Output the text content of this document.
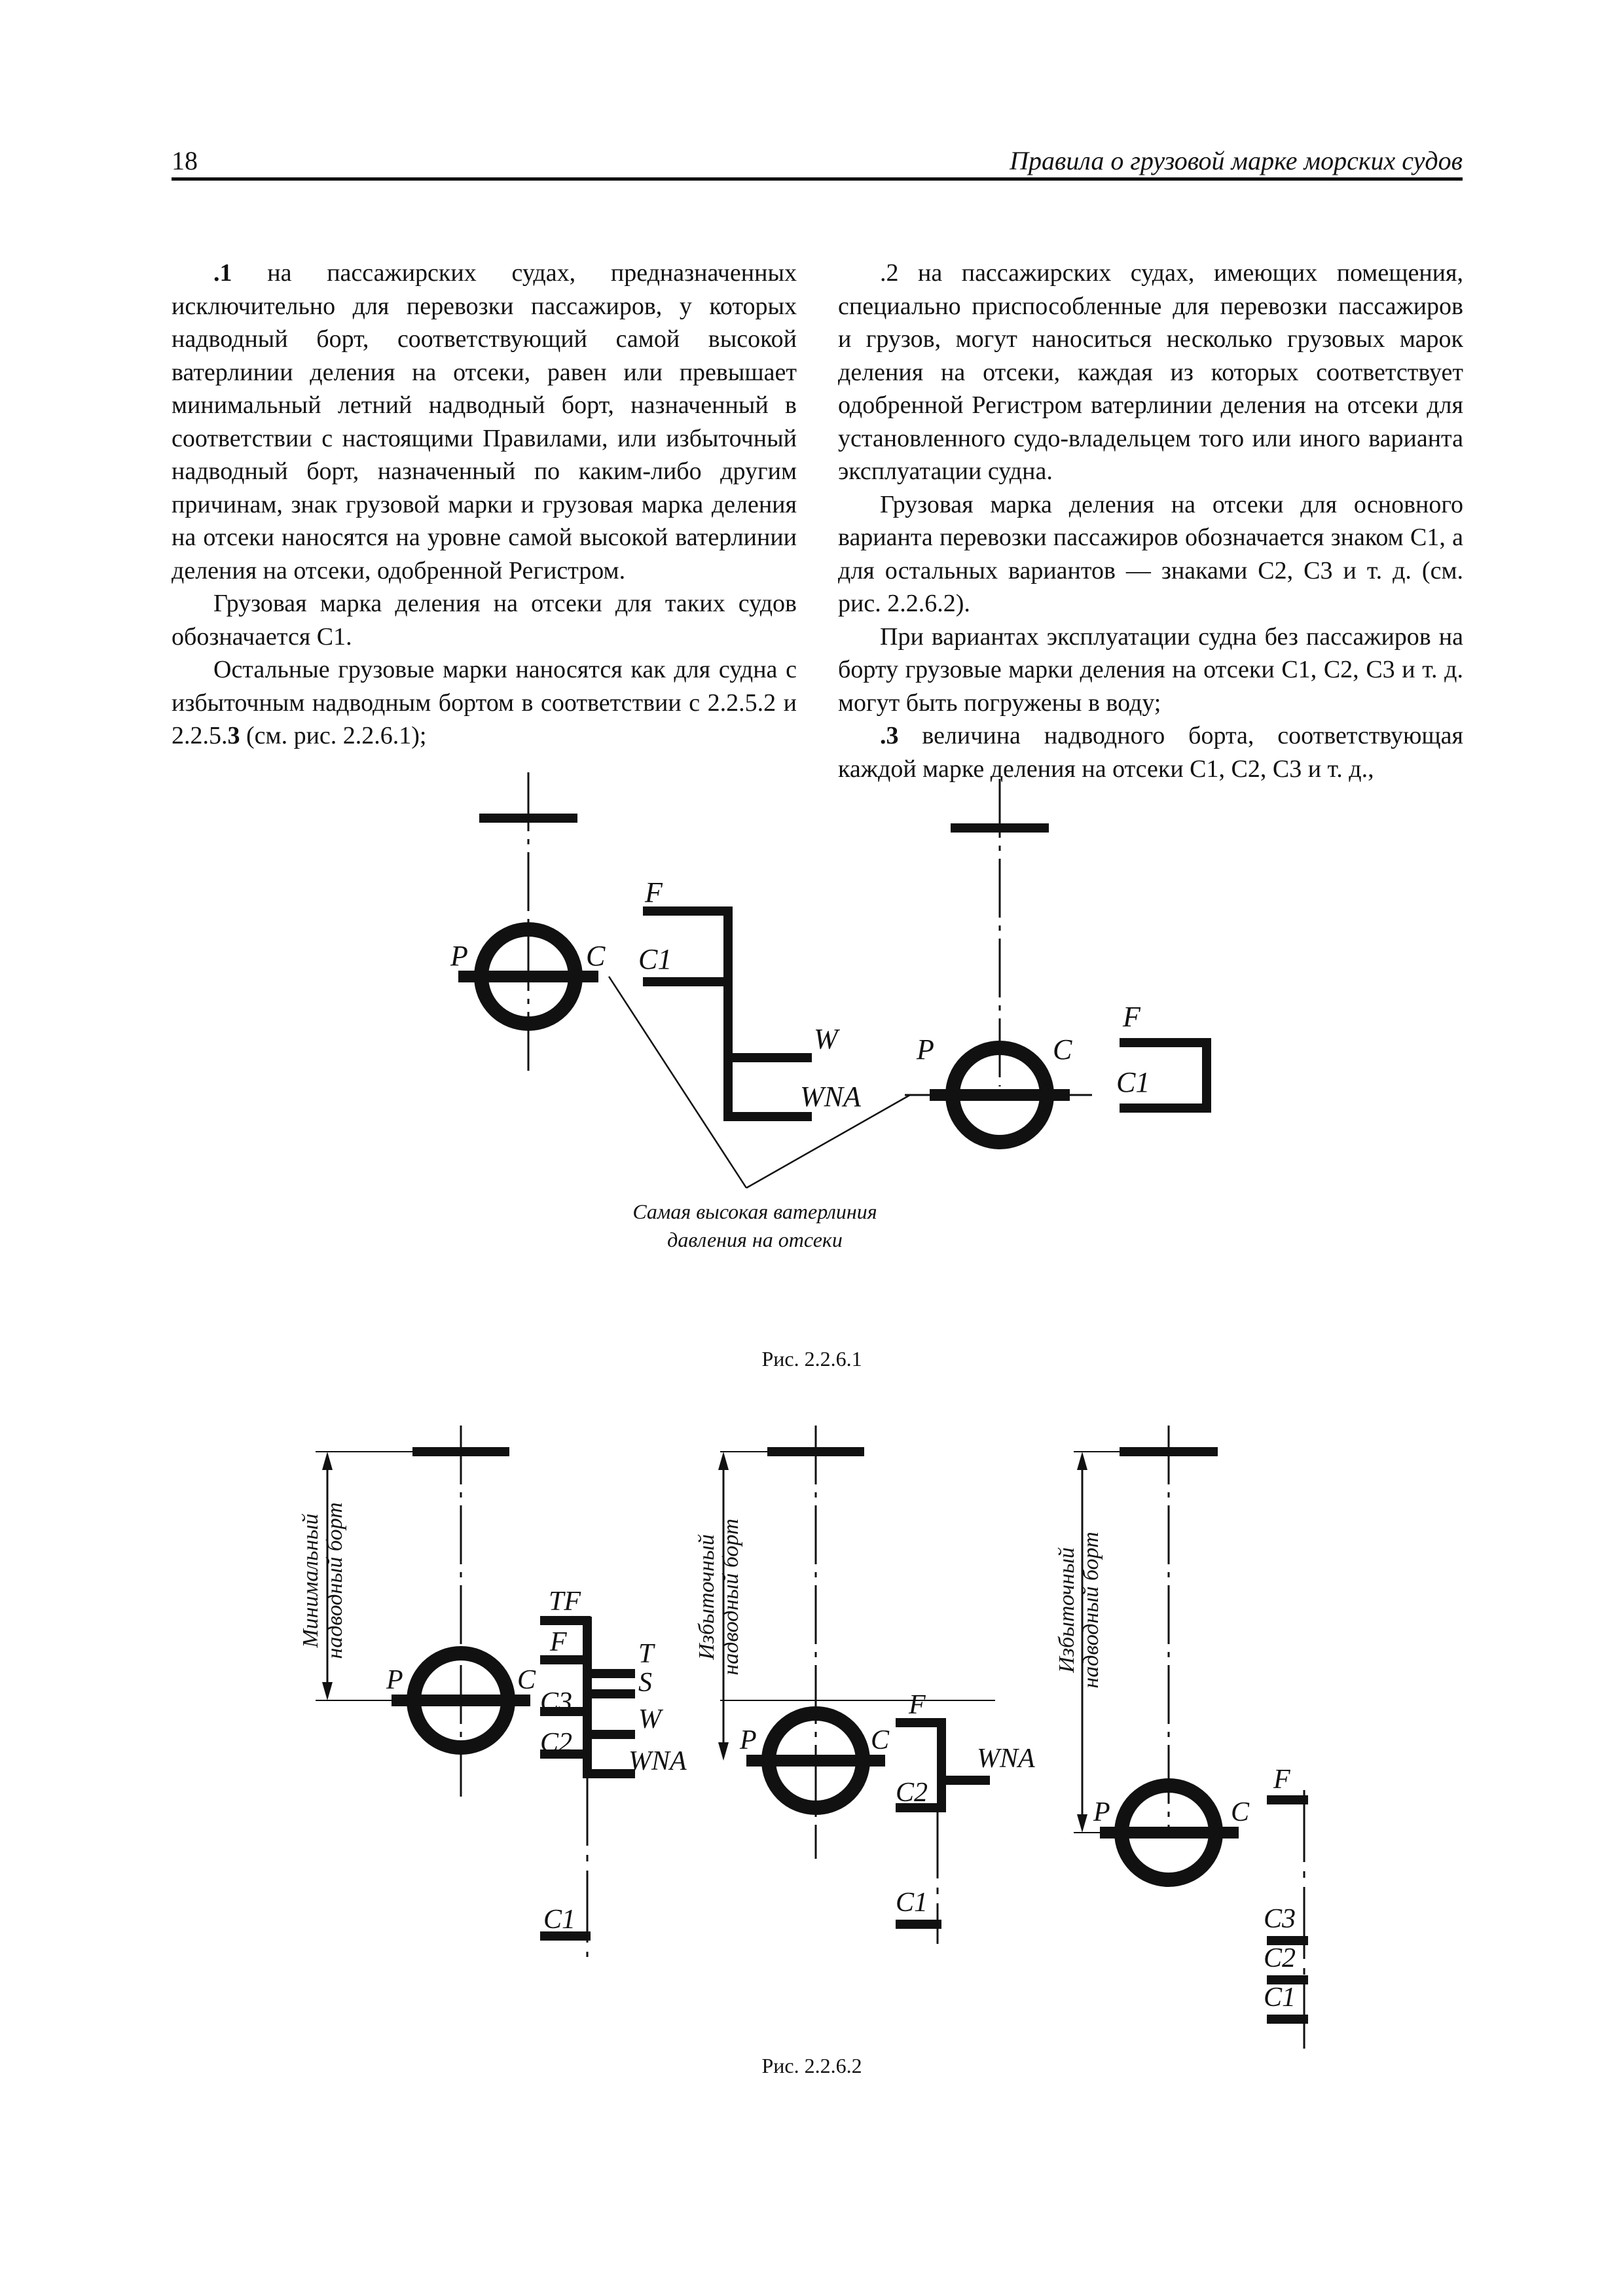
18	Правила о грузовой марке морских судов

.1 на пассажирских судах, предназначенных исключительно для перевозки пассажиров, у которых надводный борт, соответствующий самой высокой ватерлинии деления на отсеки, равен или превышает минимальный летний надводный борт, назначенный в соответствии с настоящими Правилами, или избыточный надводный борт, назначенный по каким-либо другим причинам, знак грузовой марки и грузовая марка деления на отсеки наносятся на уровне самой высокой ватерлинии деления на отсеки, одобренной Регистром.

Грузовая марка деления на отсеки для таких судов обозначается С1.

Остальные грузовые марки наносятся как для судна с избыточным надводным бортом в соответствии с 2.2.5.2 и 2.2.5.3 (см. рис. 2.2.6.1);

.2 на пассажирских судах, имеющих помещения, специально приспособленные для перевозки пассажиров и грузов, могут наноситься несколько грузовых марок деления на отсеки, каждая из которых соответствует одобренной Регистром ватерлинии деления на отсеки для установленного судо-владельцем того или иного варианта эксплуатации судна.

Грузовая марка деления на отсеки для основного варианта перевозки пассажиров обозначается знаком С1, а для остальных вариантов — знаками С2, С3 и т. д. (см. рис. 2.2.6.2).

При вариантах эксплуатации судна без пассажиров на борту грузовые марки деления на отсеки С1, С2, С3 и т. д. могут быть погружены в воду;

.3 величина надводного борта, соответствующая каждой марке деления на отсеки С1, С2, С3 и т. д.,

F
C1
P	C
W
WNA
P	C
F
C1
Самая высокая ватерлиния
давления на отсеки
Рис. 2.2.6.1
TF
F	T
S
C3
W
C2
WNA
C1
P	C
Минимальный надводный борт
P	C
F
WNA
C2
C1
Избыточный надводный борт
P	C
F
C3
C2
C1
Избыточный надводный борт
Рис. 2.2.6.2
